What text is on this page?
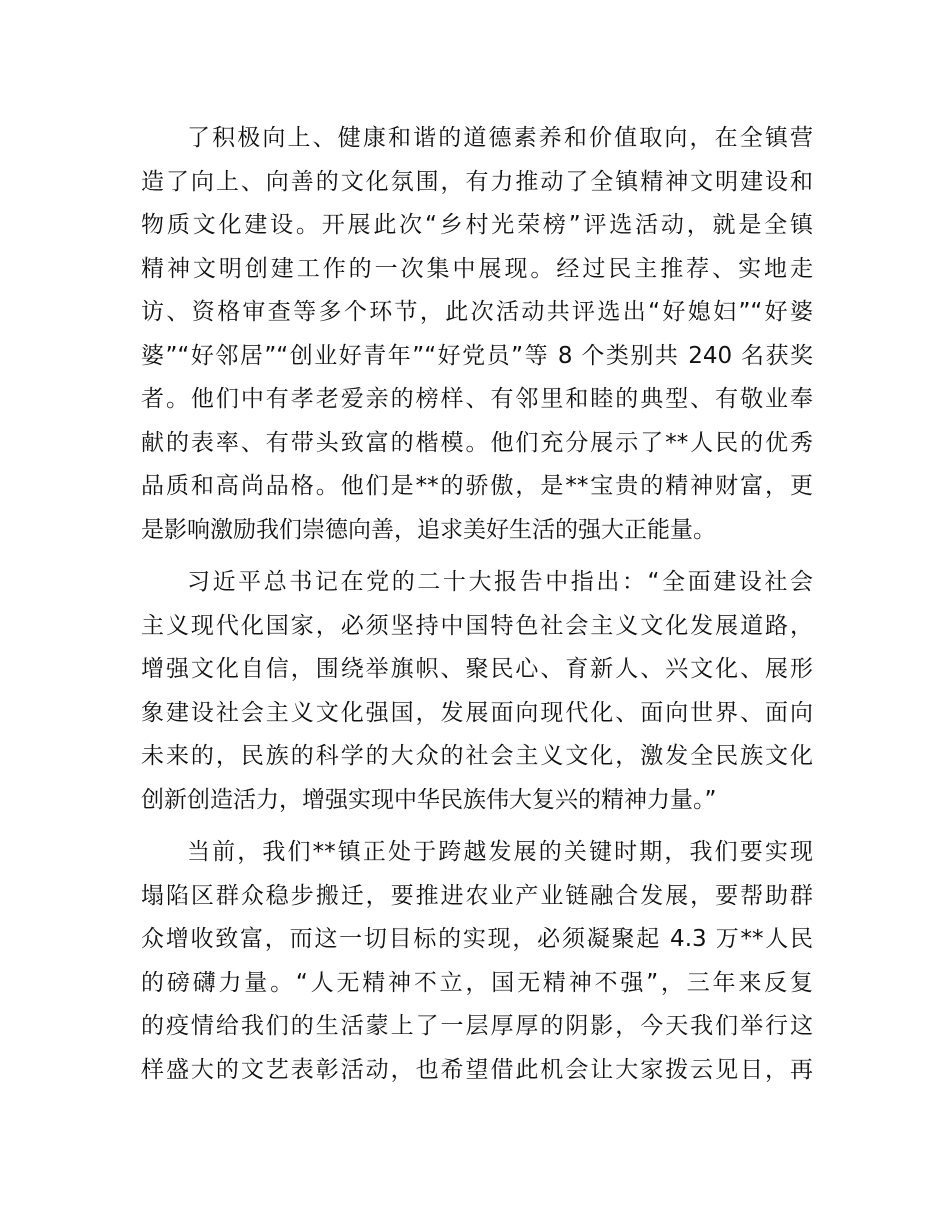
了积极向上、健康和谐的道德素养和价值取向，在全镇营
造了向上、向善的文化氛围，有力推动了全镇精神文明建设和
物质文化建设。开展此次“乡村光荣榜”评选活动，就是全镇
精神文明创建工作的一次集中展现。经过民主推荐、实地走
访、资格审查等多个环节，此次活动共评选出“好媳妇”“好婆
婆”“好邻居”“创业好青年”“好党员”等 8 个类别共 240 名获奖
者。他们中有孝老爱亲的榜样、有邻里和睦的典型、有敬业奉
献的表率、有带头致富的楷模。他们充分展示了**人民的优秀
品质和高尚品格。他们是**的骄傲，是**宝贵的精神财富，更
是影响激励我们崇德向善，追求美好生活的强大正能量。
习近平总书记在党的二十大报告中指出：“全面建设社会
主义现代化国家，必须坚持中国特色社会主义文化发展道路，
增强文化自信，围绕举旗帜、聚民心、育新人、兴文化、展形
象建设社会主义文化强国，发展面向现代化、面向世界、面向
未来的，民族的科学的大众的社会主义文化，激发全民族文化
创新创造活力，增强实现中华民族伟大复兴的精神力量。”
当前，我们**镇正处于跨越发展的关键时期，我们要实现
塌陷区群众稳步搬迁，要推进农业产业链融合发展，要帮助群
众增收致富，而这一切目标的实现，必须凝聚起 4.3 万**人民
的磅礴力量。“人无精神不立，国无精神不强”，三年来反复
的疫情给我们的生活蒙上了一层厚厚的阴影，今天我们举行这
样盛大的文艺表彰活动，也希望借此机会让大家拨云见日，再
